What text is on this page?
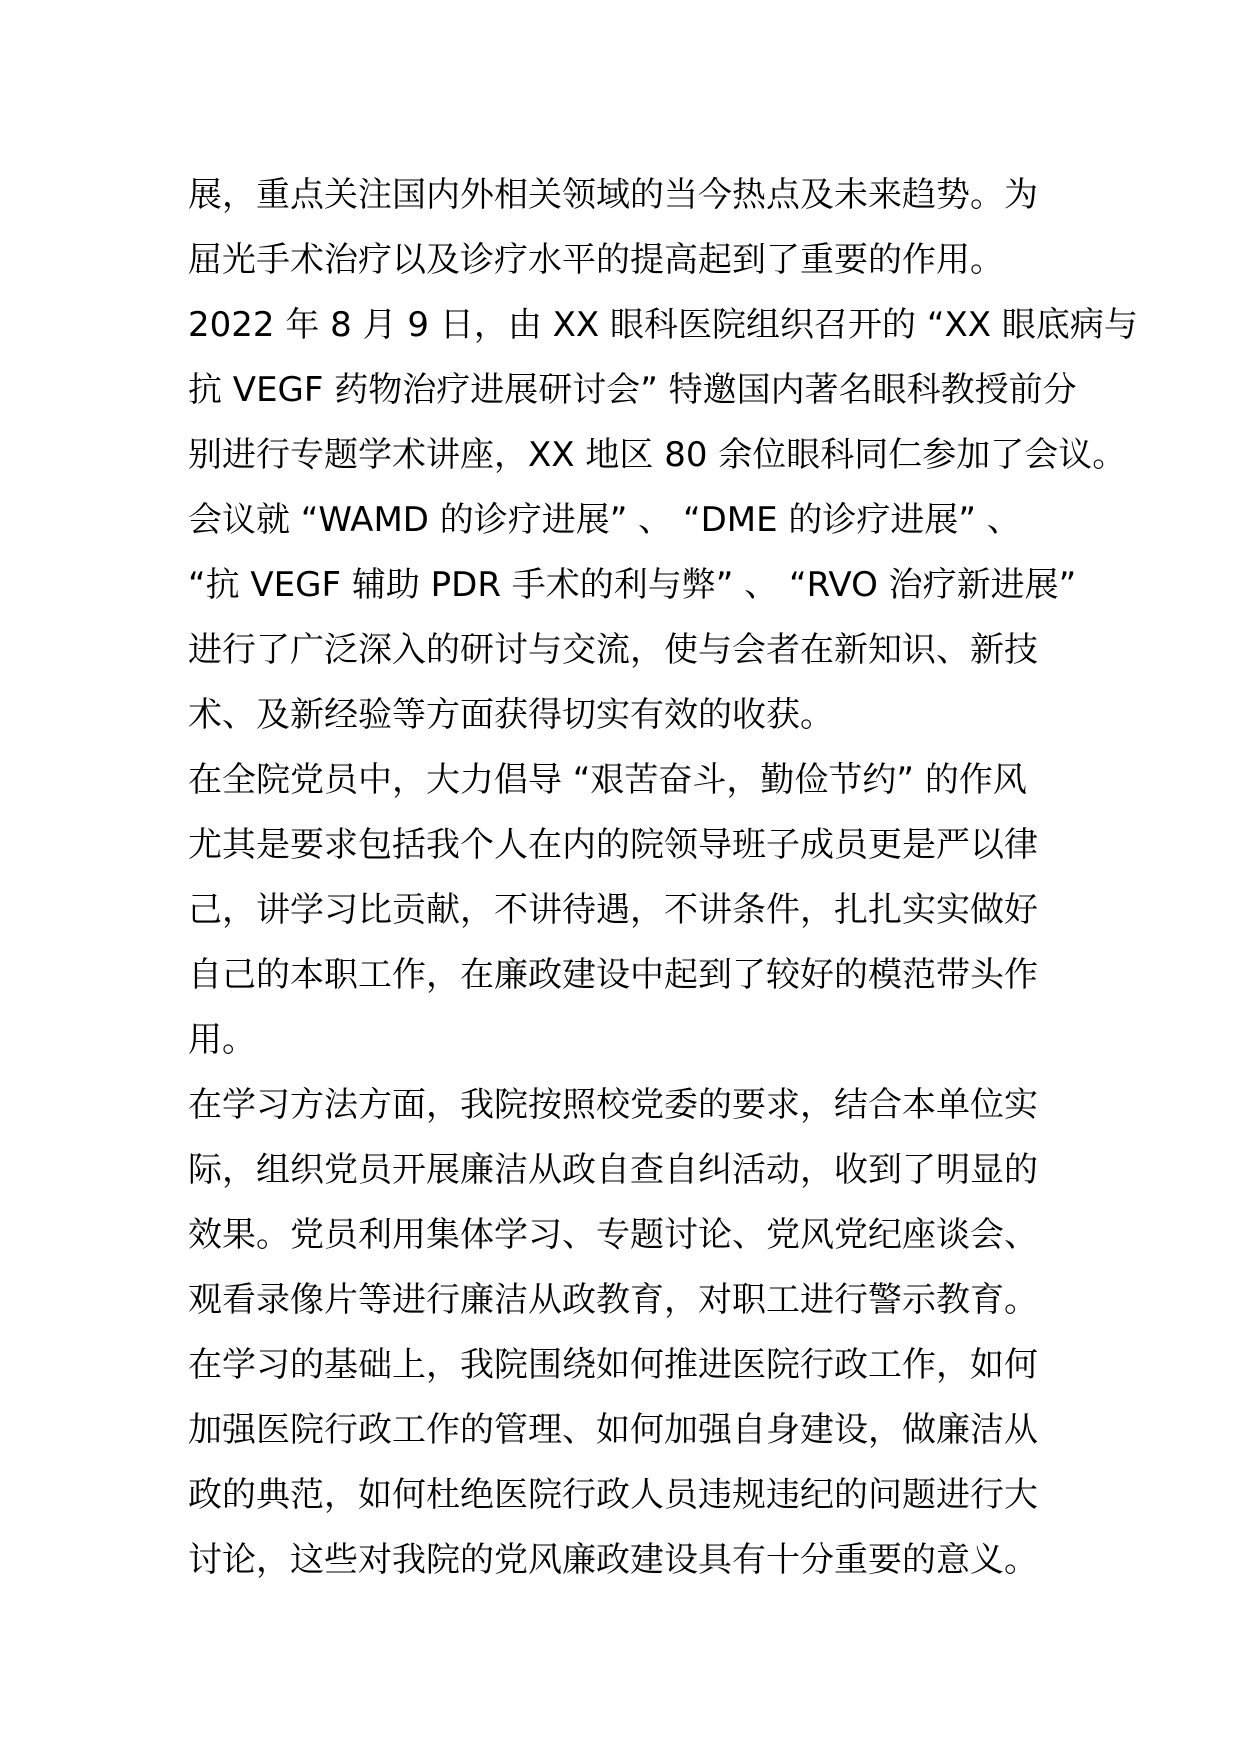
展，重点关注国内外相关领域的当今热点及未来趋势。为
屈光手术治疗以及诊疗水平的提高起到了重要的作用。
2022 年 8 月 9 日，由 XX 眼科医院组织召开的 “XX 眼底病与
抗 VEGF 药物治疗进展研讨会” 特邀国内著名眼科教授前分
别进行专题学术讲座，XX 地区 80 余位眼科同仁参加了会议。
会议就 “WAMD 的诊疗进展” 、 “DME 的诊疗进展” 、
“抗 VEGF 辅助 PDR 手术的利与弊” 、 “RVO 治疗新进展”
进行了广泛深入的研讨与交流，使与会者在新知识、新技
术、及新经验等方面获得切实有效的收获。
在全院党员中，大力倡导 “艰苦奋斗，勤俭节约” 的作风
尤其是要求包括我个人在内的院领导班子成员更是严以律
己，讲学习比贡献，不讲待遇，不讲条件，扎扎实实做好
自己的本职工作，在廉政建设中起到了较好的模范带头作
用。
在学习方法方面，我院按照校党委的要求，结合本单位实
际，组织党员开展廉洁从政自查自纠活动，收到了明显的
效果。党员利用集体学习、专题讨论、党风党纪座谈会、
观看录像片等进行廉洁从政教育，对职工进行警示教育。
在学习的基础上，我院围绕如何推进医院行政工作，如何
加强医院行政工作的管理、如何加强自身建设，做廉洁从
政的典范，如何杜绝医院行政人员违规违纪的问题进行大
讨论，这些对我院的党风廉政建设具有十分重要的意义。
